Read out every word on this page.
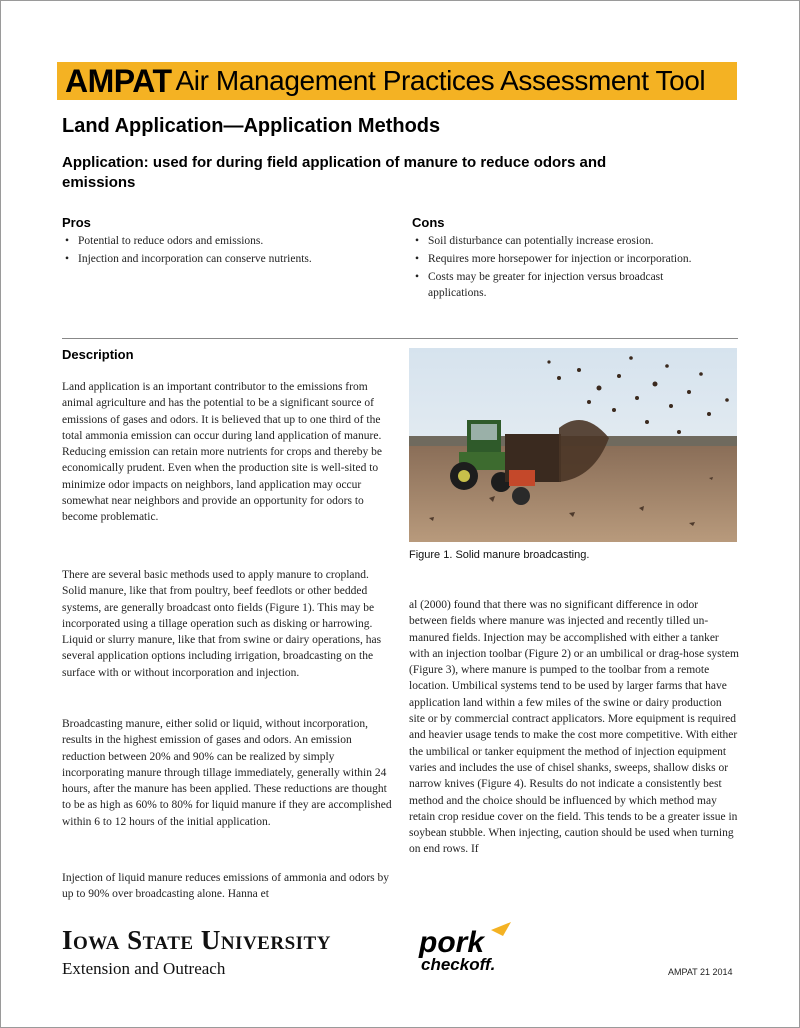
AMPAT Air Management Practices Assessment Tool
Land Application—Application Methods

Application: used for during field application of manure to reduce odors and emissions

Pros
• Potential to reduce odors and emissions.
• Injection and incorporation can conserve nutrients.
Cons
• Soil disturbance can potentially increase erosion.
• Requires more horsepower for injection or incorporation.
• Costs may be greater for injection versus broadcast applications.
Description

Land application is an important contributor to the emissions from animal agriculture and has the potential to be a significant source of emissions of gases and odors. It is believed that up to one third of the total ammonia emission can occur during land application of manure. Reducing emission can retain more nutrients for crops and thereby be economically prudent. Even when the production site is well-sited to minimize odor impacts on neighbors, land application may occur somewhat near neighbors and provide an opportunity for odors to become problematic.

There are several basic methods used to apply manure to cropland. Solid manure, like that from poultry, beef feedlots or other bedded systems, are generally broadcast onto fields (Figure 1). This may be incorporated using a tillage operation such as disking or harrowing. Liquid or slurry manure, like that from swine or dairy operations, has several application options including irrigation, broadcasting on the surface with or without incorporation and injection.

Broadcasting manure, either solid or liquid, without incorporation, results in the highest emission of gases and odors. An emission reduction between 20% and 90% can be realized by simply incorporating manure through tillage immediately, generally within 24 hours, after the manure has been applied. These reductions are thought to be as high as 60% to 80% for liquid manure if they are accomplished within 6 to 12 hours of the initial application.

Injection of liquid manure reduces emissions of ammonia and odors by up to 90% over broadcasting alone. Hanna et

Figure 1. Solid manure broadcasting.

al (2000) found that there was no significant difference in odor between fields where manure was injected and recently tilled un-manured fields. Injection may be accomplished with either a tanker with an injection toolbar (Figure 2) or an umbilical or drag-hose system (Figure 3), where manure is pumped to the toolbar from a remote location. Umbilical systems tend to be used by larger farms that have application land within a few miles of the swine or dairy production site or by commercial contract applicators. More equipment is required and heavier usage tends to make the cost more competitive. With either the umbilical or tanker equipment the method of injection equipment varies and includes the use of chisel shanks, sweeps, shallow disks or narrow knives (Figure 4). Results do not indicate a consistently best method and the choice should be influenced by which method may retain crop residue cover on the field. This tends to be a greater issue in soybean stubble. When injecting, caution should be used when turning on end rows. If

Iowa State University

Extension and Outreach

pork
checkoff.	AMPAT 21 2014
